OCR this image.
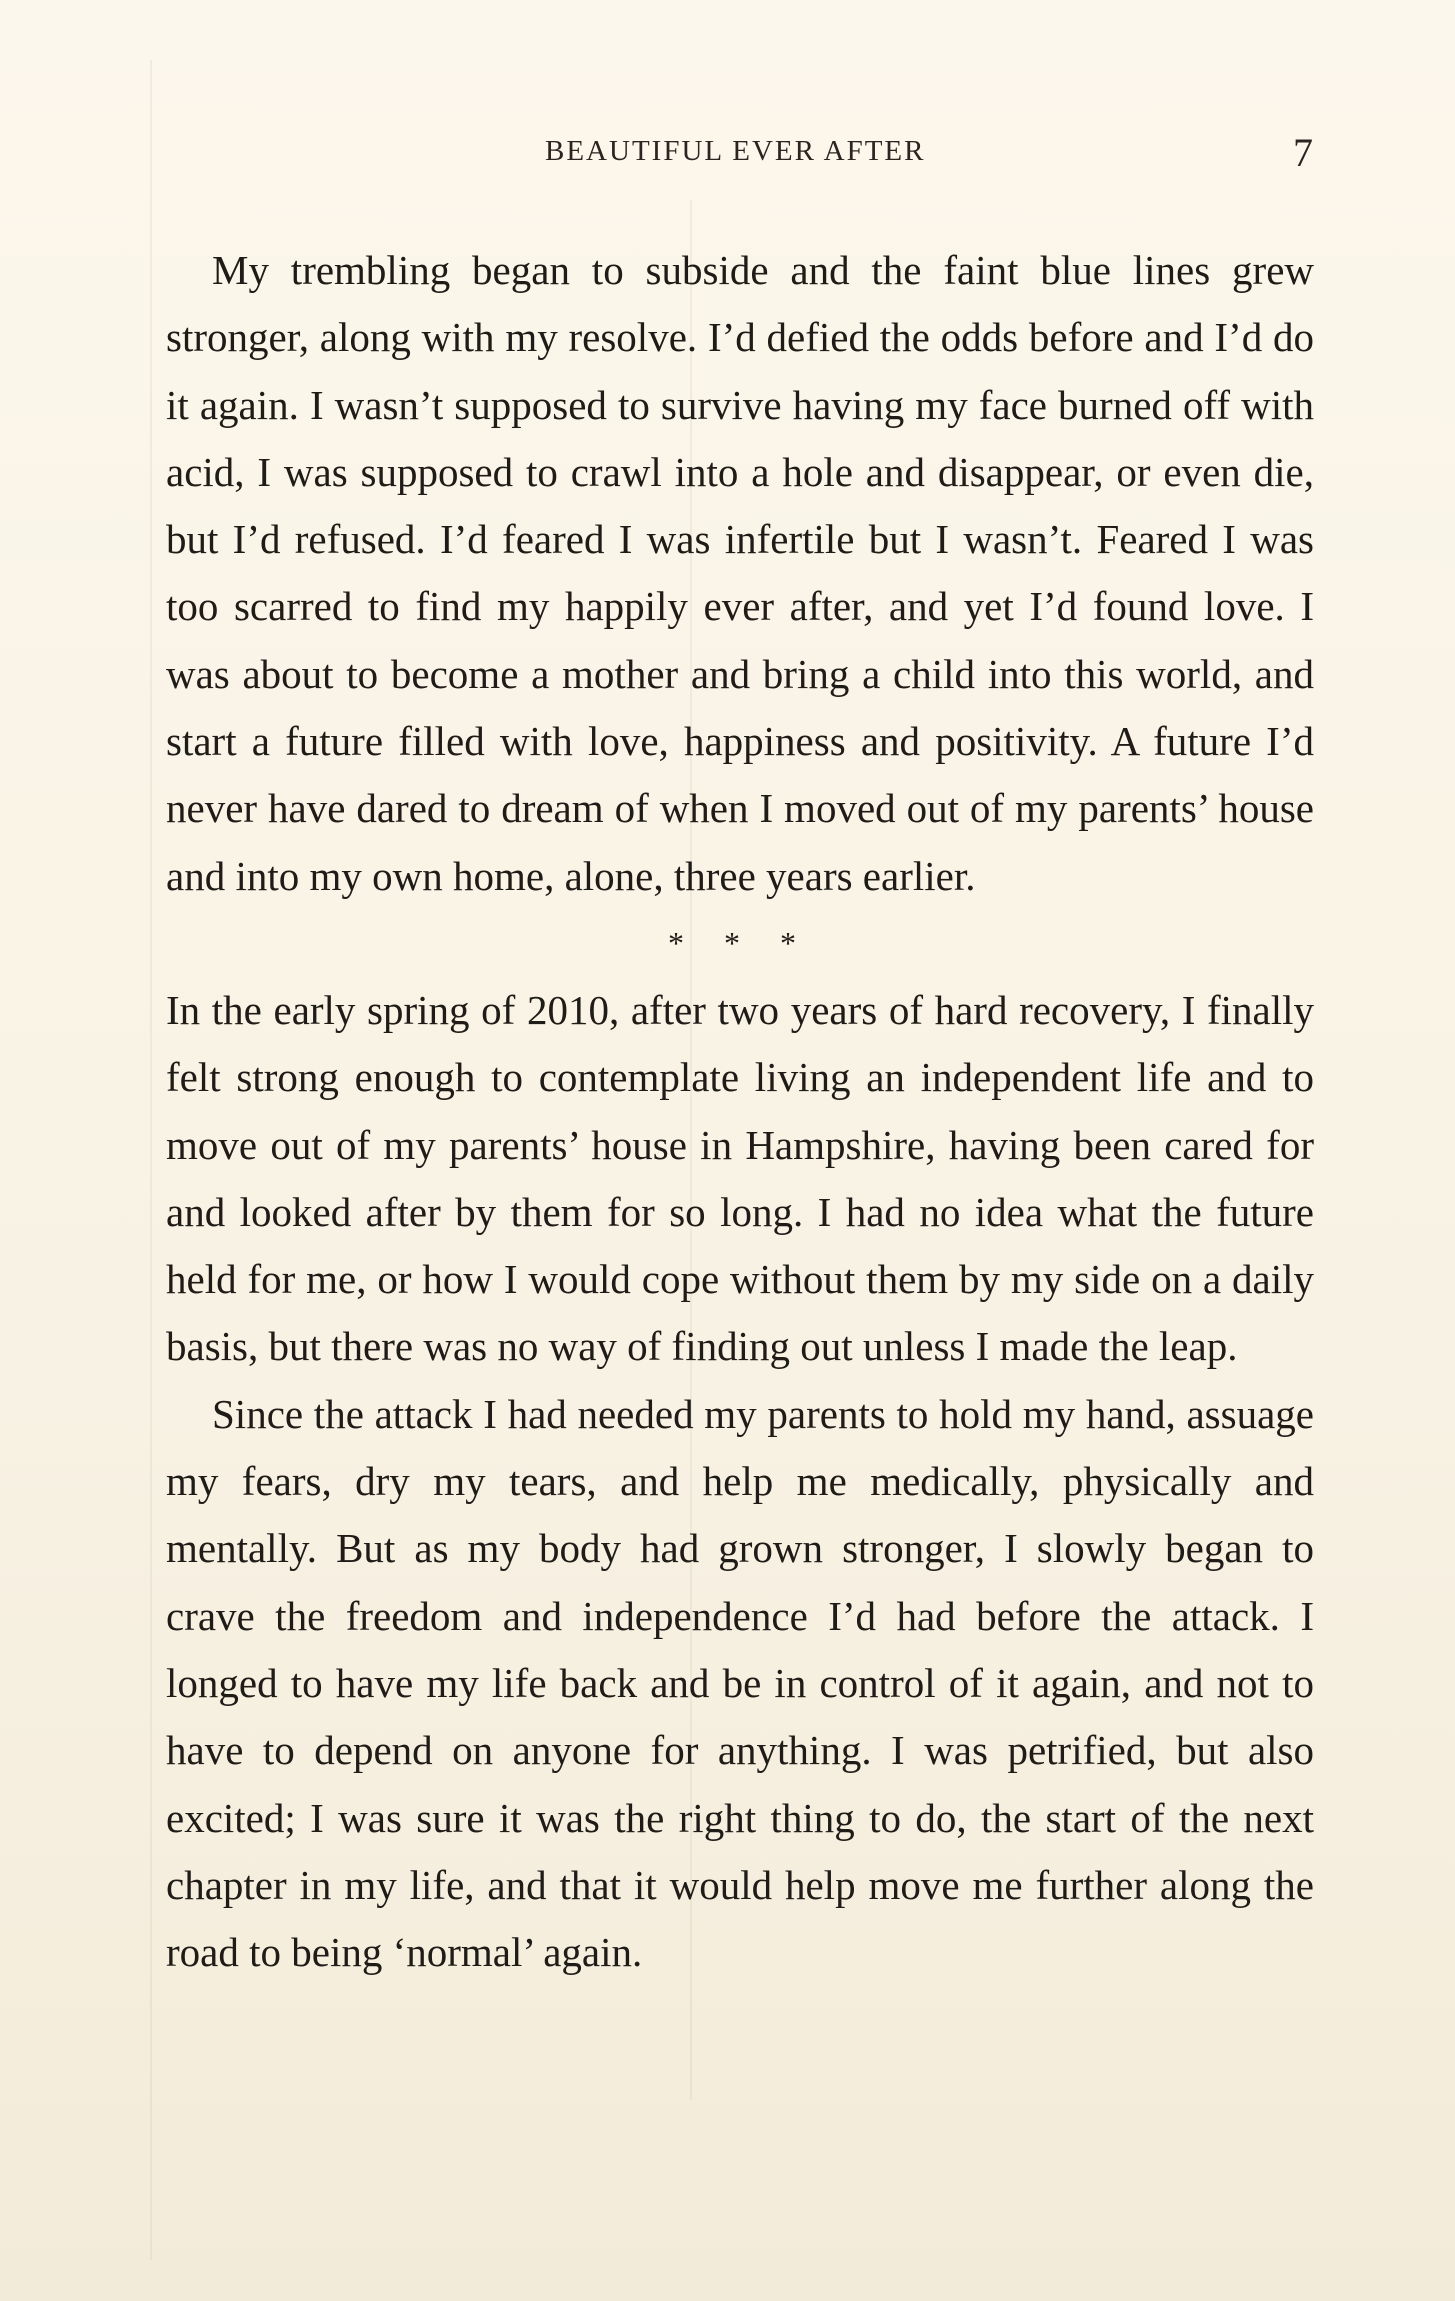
BEAUTIFUL EVER AFTER	7

My trembling began to subside and the faint blue lines grew stronger, along with my resolve. I’d defied the odds before and I’d do it again. I wasn’t supposed to survive having my face burned off with acid, I was supposed to crawl into a hole and disappear, or even die, but I’d refused. I’d feared I was infertile but I wasn’t. Feared I was too scarred to find my happily ever after, and yet I’d found love. I was about to become a mother and bring a child into this world, and start a future filled with love, happiness and positivity. A future I’d never have dared to dream of when I moved out of my parents’ house and into my own home, alone, three years earlier.

* * *

In the early spring of 2010, after two years of hard recovery, I finally felt strong enough to contemplate living an independent life and to move out of my parents’ house in Hampshire, having been cared for and looked after by them for so long. I had no idea what the future held for me, or how I would cope without them by my side on a daily basis, but there was no way of finding out unless I made the leap.

Since the attack I had needed my parents to hold my hand, assuage my fears, dry my tears, and help me medically, physically and mentally. But as my body had grown stronger, I slowly began to crave the freedom and independence I’d had before the attack. I longed to have my life back and be in control of it again, and not to have to depend on anyone for anything. I was petrified, but also excited; I was sure it was the right thing to do, the start of the next chapter in my life, and that it would help move me further along the road to being ‘normal’ again.
